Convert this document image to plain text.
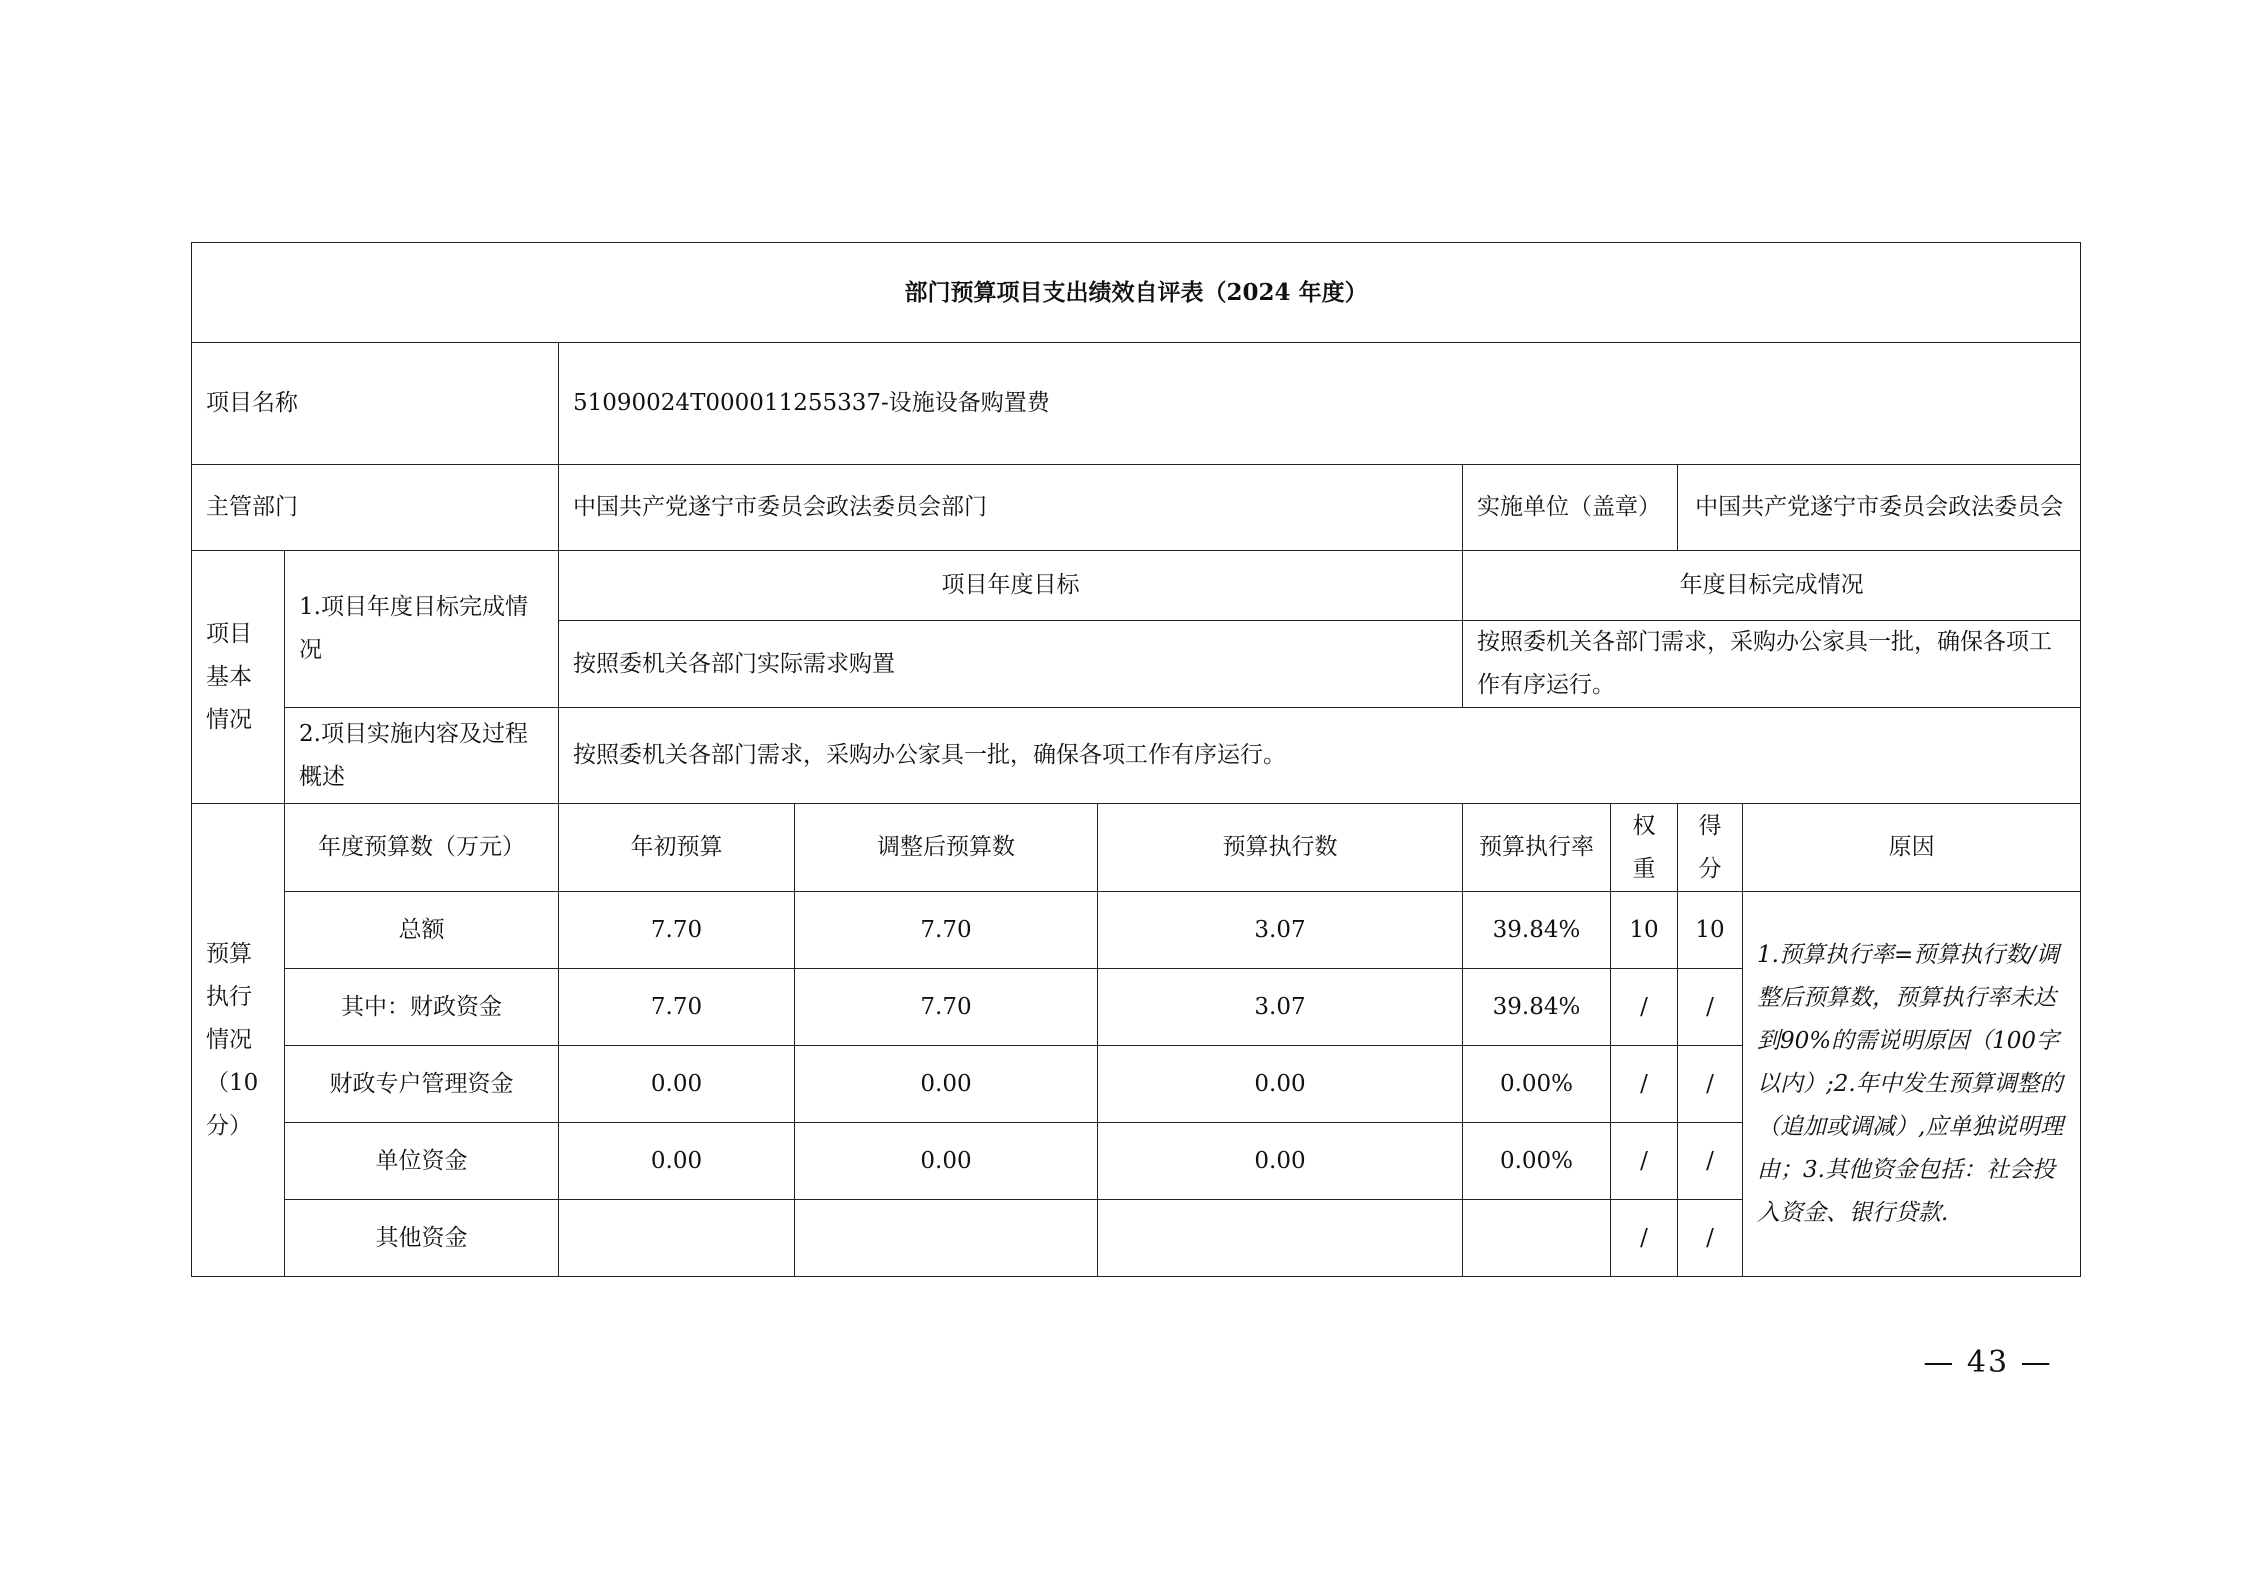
部门预算项目支出绩效自评表（2024 年度）								
项目名称		51090024T000011255337-设施设备购置费						
主管部门		中国共产党遂宁市委员会政法委员会部门			实施单位（盖章）		中国共产党遂宁市委员会政法委员会	
项目基本情况	1.项目年度目标完成情况	项目年度目标			年度目标完成情况			
		按照委机关各部门实际需求购置			按照委机关各部门需求，采购办公家具一批，确保各项工作有序运行。			
	2.项目实施内容及过程概述	按照委机关各部门需求，采购办公家具一批，确保各项工作有序运行。						
预算执行情况（10分）	年度预算数（万元）	年初预算	调整后预算数	预算执行数	预算执行率	权重	得分	原因
	总额	7.70	7.70	3.07	39.84%	10	10	1.预算执行率=预算执行数/调整后预算数，预算执行率未达到90%的需说明原因（100字以内）;2.年中发生预算调整的（追加或调减）,应单独说明理由；3.其他资金包括：社会投入资金、银行贷款.
	其中：财政资金	7.70	7.70	3.07	39.84%	/	/	
	财政专户管理资金	0.00	0.00	0.00	0.00%	/	/	
	单位资金	0.00	0.00	0.00	0.00%	/	/	
	其他资金					/	/	
— 43 —
